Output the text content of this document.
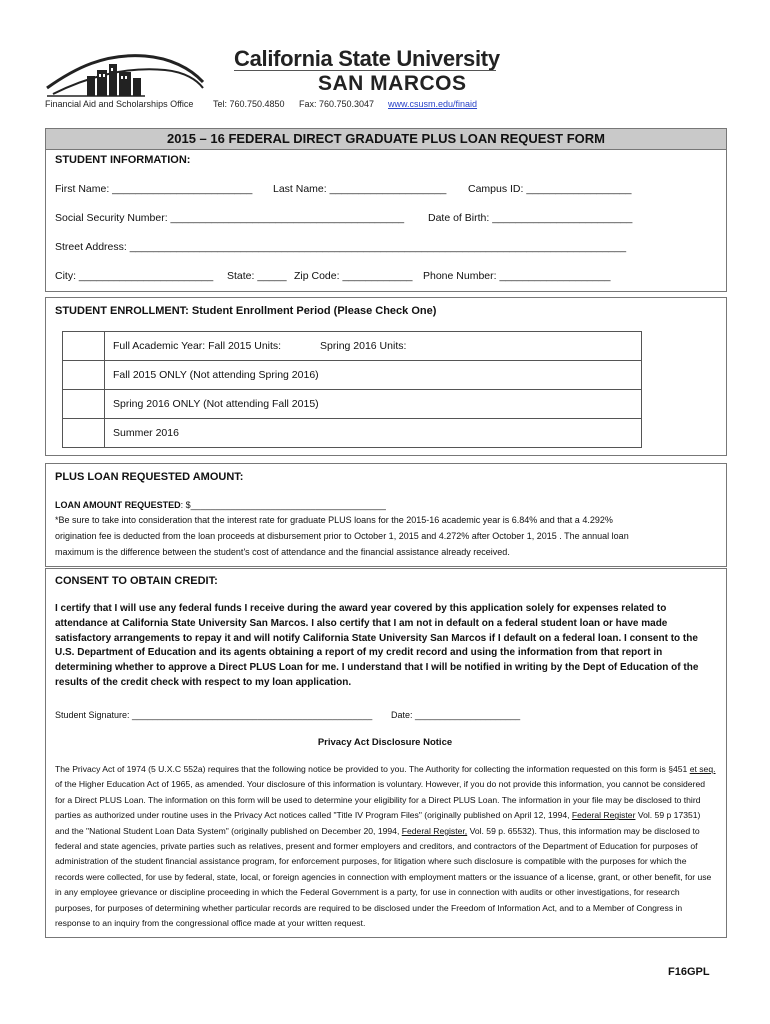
California State University
SAN MARCOS
Financial Aid and Scholarships Office Tel: 760.750.4850 Fax: 760.750.3047 www.csusm.edu/finaid
2015 – 16 FEDERAL DIRECT GRADUATE PLUS LOAN REQUEST FORM
STUDENT INFORMATION:
First Name: ________________________ Last Name: ____________________ Campus ID: __________________
Social Security Number: ________________________________________ Date of Birth: ________________________
Street Address: _____________________________________________________________________________________
City: _______________________ State: _____ Zip Code: ____________ Phone Number: ___________________
STUDENT ENROLLMENT: Student Enrollment Period (Please Check One)
	Full Academic Year: Fall 2015 Units: Spring 2016 Units:
	Fall 2015 ONLY (Not attending Spring 2016)
	Spring 2016 ONLY (Not attending Fall 2015)
	Summer 2016
PLUS LOAN REQUESTED AMOUNT:
LOAN AMOUNT REQUESTED: $_______________________________________
*Be sure to take into consideration that the interest rate for graduate PLUS loans for the 2015-16 academic year is 6.84% and that a 4.292%
origination fee is deducted from the loan proceeds at disbursement prior to October 1, 2015 and 4.272% after October 1, 2015 . The annual loan
maximum is the difference between the student's cost of attendance and the financial assistance already received.
CONSENT TO OBTAIN CREDIT:
I certify that I will use any federal funds I receive during the award year covered by this application solely for expenses related to attendance at California State University San Marcos. I also certify that I am not in default on a federal student loan or have made satisfactory arrangements to repay it and will notify California State University San Marcos if I default on a federal loan. I consent to the U.S. Department of Education and its agents obtaining a report of my credit record and using the information from that report in determining whether to approve a Direct PLUS Loan for me. I understand that I will be notified in writing by the Dept of Education of the results of the credit check with respect to my loan application.
Student Signature: ________________________________________________ Date: _____________________
Privacy Act Disclosure Notice
The Privacy Act of 1974 (5 U.X.C 552a) requires that the following notice be provided to you. The Authority for collecting the information requested on this form is §451 et seq. of the Higher Education Act of 1965, as amended. Your disclosure of this information is voluntary. However, if you do not provide this information, you cannot be considered for a Direct PLUS Loan. The information on this form will be used to determine your eligibility for a Direct PLUS Loan. The information in your file may be disclosed to third parties as authorized under routine uses in the Privacy Act notices called "Title IV Program Files" (originally published on April 12, 1994, Federal Register Vol. 59 p 17351) and the "National Student Loan Data System" (originally published on December 20, 1994, Federal Register, Vol. 59 p. 65532). Thus, this information may be disclosed to federal and state agencies, private parties such as relatives, present and former employers and creditors, and contractors of the Department of Education for purposes of administration of the student financial assistance program, for enforcement purposes, for litigation where such disclosure is compatible with the purposes for which the records were collected, for use by federal, state, local, or foreign agencies in connection with employment matters or the issuance of a license, grant, or other benefit, for use in any employee grievance or discipline proceeding in which the Federal Government is a party, for use in connection with audits or other investigations, for research purposes, for purposes of determining whether particular records are required to be disclosed under the Freedom of Information Act, and to a Member of Congress in response to an inquiry from the congressional office made at your written request.
F16GPL
